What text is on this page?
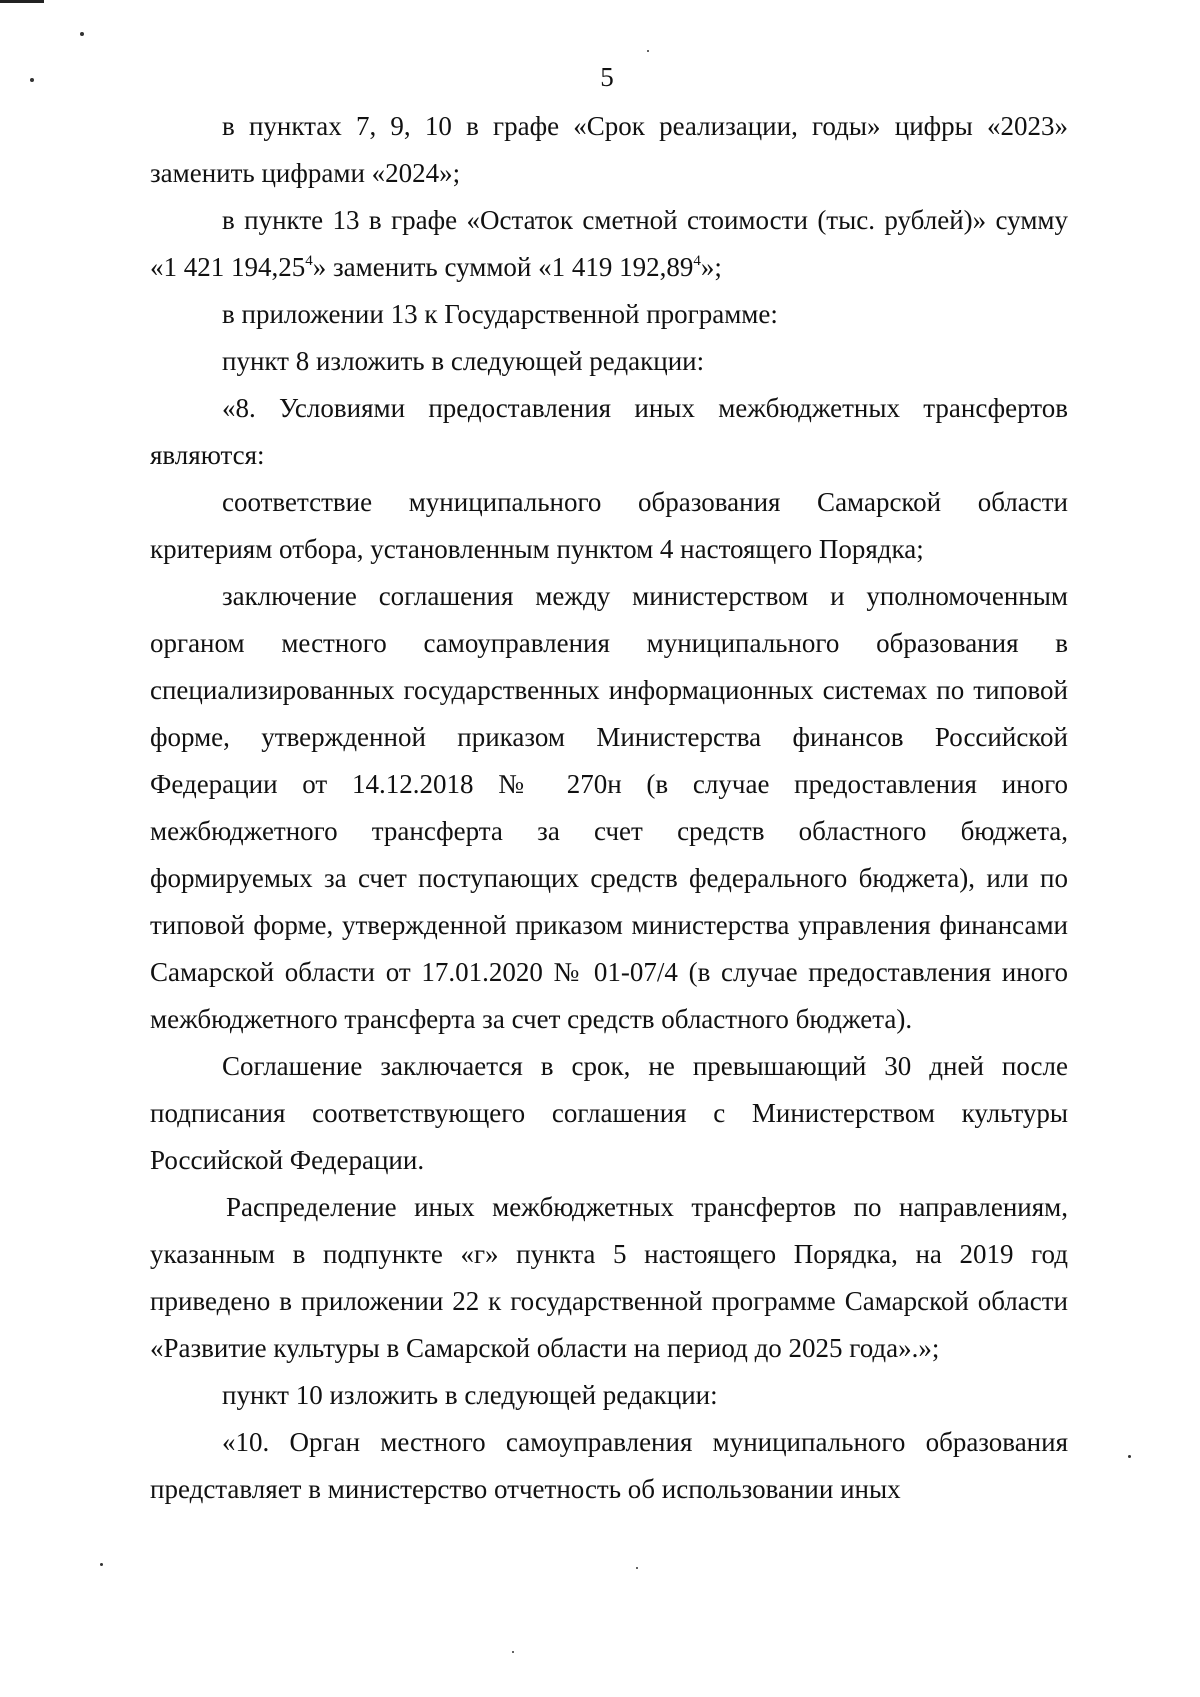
5

в пунктах 7, 9, 10 в графе «Срок реализации, годы» цифры «2023» заменить цифрами «2024»;

в пункте 13 в графе «Остаток сметной стоимости (тыс. рублей)» сумму «1 421 194,25$^4$» заменить суммой «1 419 192,89$^4$»;

в приложении 13 к Государственной программе:

пункт 8 изложить в следующей редакции:

«8. Условиями предоставления иных межбюджетных трансфертов являются:

соответствие муниципального образования Самарской области критериям отбора, установленным пунктом 4 настоящего Порядка;

заключение соглашения между министерством и уполномоченным органом местного самоуправления муниципального образования в специализированных государственных информационных системах по типовой форме, утвержденной приказом Министерства финансов Российской Федерации от 14.12.2018 № 270н (в случае предоставления иного межбюджетного трансферта за счет средств областного бюджета, формируемых за счет поступающих средств федерального бюджета), или по типовой форме, утвержденной приказом министерства управления финансами Самарской области от 17.01.2020 № 01-07/4 (в случае предоставления иного межбюджетного трансферта за счет средств областного бюджета).

Соглашение заключается в срок, не превышающий 30 дней после подписания соответствующего соглашения с Министерством культуры Российской Федерации.

Распределение иных межбюджетных трансфертов по направлениям, указанным в подпункте «г» пункта 5 настоящего Порядка, на 2019 год приведено в приложении 22 к государственной программе Самарской области «Развитие культуры в Самарской области на период до 2025 года».»;

пункт 10 изложить в следующей редакции:

«10. Орган местного самоуправления муниципального образования представляет в министерство отчетность об использовании иных
